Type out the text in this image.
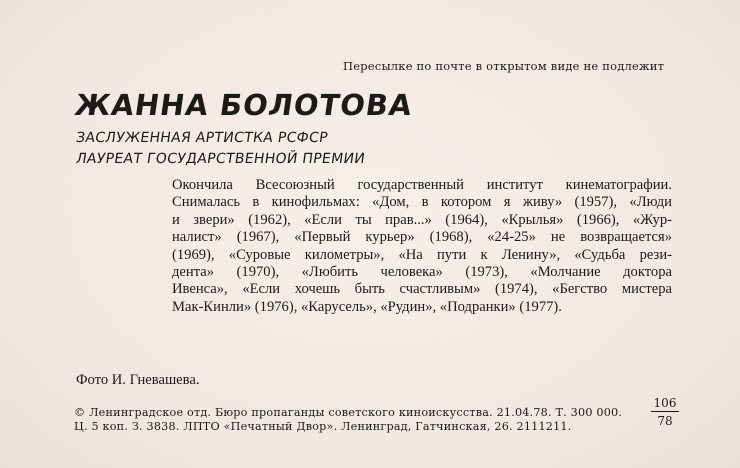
Пересылке по почте в открытом виде не подлежит
ЖАННА БОЛОТОВА
ЗАСЛУЖЕННАЯ АРТИСТКА РСФСР
ЛАУРЕАТ ГОСУДАРСТВЕННОЙ ПРЕМИИ
Окончила Всесоюзный государственный институт кинематографии.
Снималась в кинофильмах: «Дом, в котором я живу» (1957), «Люди
и звери» (1962), «Если ты прав...» (1964), «Крылья» (1966), «Жур-
налист» (1967), «Первый курьер» (1968), «24-25» не возвращается»
(1969), «Суровые километры», «На пути к Ленину», «Судьба рези-
дента» (1970), «Любить человека» (1973), «Молчание доктора
Ивенса», «Если хочешь быть счастливым» (1974), «Бегство мистера
Мак-Кинли» (1976), «Карусель», «Рудин», «Подранки» (1977).
Фото И. Гневашева.
© Ленинградское отд. Бюро пропаганды советского киноискусства. 21.04.78. Т. 300 000.
Ц. 5 коп. З. 3838. ЛПТО «Печатный Двор». Ленинград, Гатчинская, 26. 2111211.
106
78
